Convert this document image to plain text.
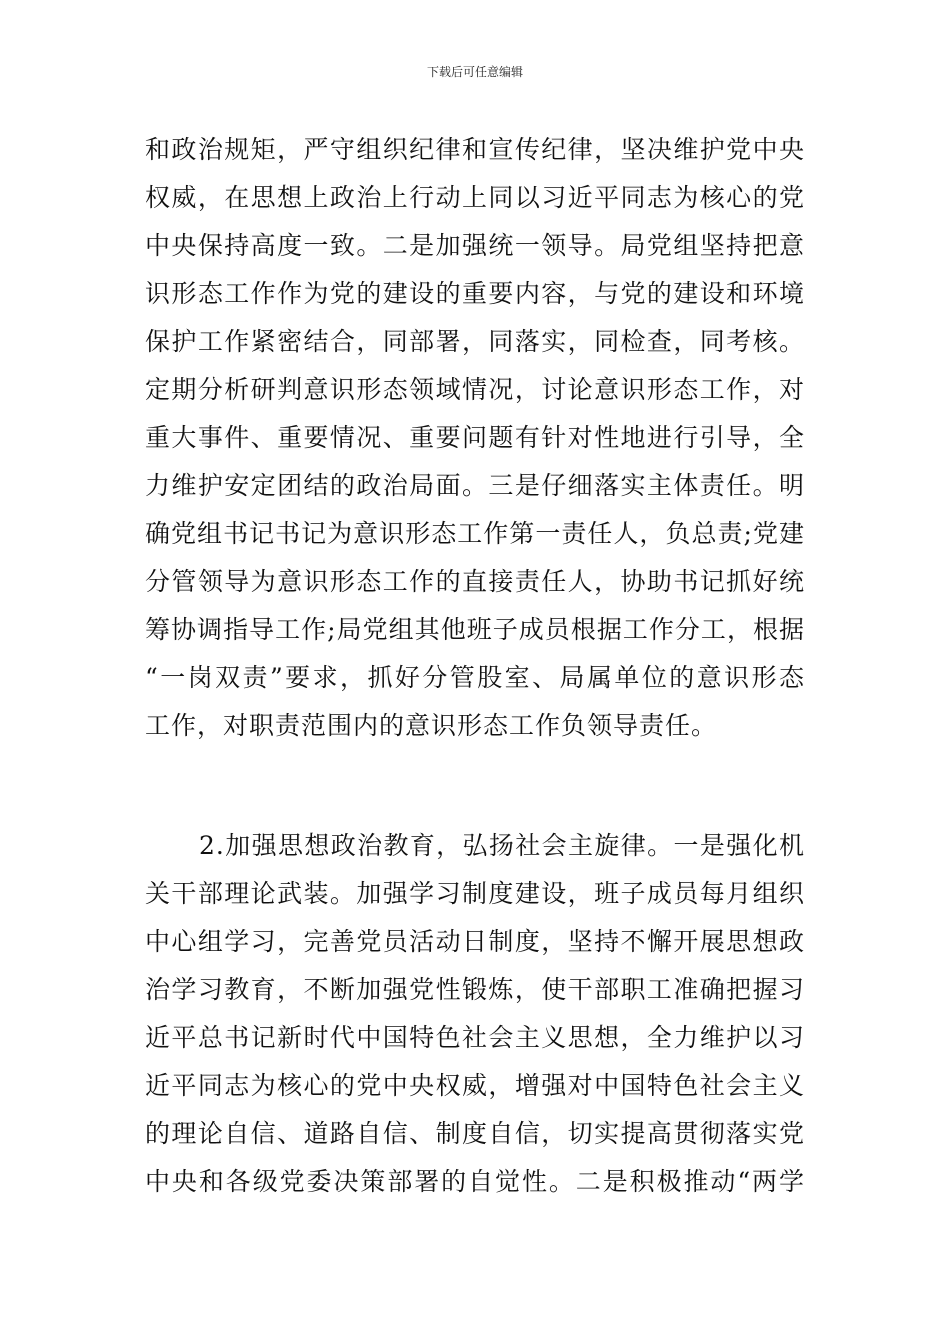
下载后可任意编辑
和政治规矩，严守组织纪律和宣传纪律，坚决维护党中央
权威，在思想上政治上行动上同以习近平同志为核心的党
中央保持高度一致。二是加强统一领导。局党组坚持把意
识形态工作作为党的建设的重要内容，与党的建设和环境
保护工作紧密结合，同部署，同落实，同检查，同考核。
定期分析研判意识形态领域情况，讨论意识形态工作，对
重大事件、重要情况、重要问题有针对性地进行引导，全
力维护安定团结的政治局面。三是仔细落实主体责任。明
确党组书记书记为意识形态工作第一责任人，负总责;党建
分管领导为意识形态工作的直接责任人，协助书记抓好统
筹协调指导工作;局党组其他班子成员根据工作分工，根据
“一岗双责”要求，抓好分管股室、局属单位的意识形态
工作，对职责范围内的意识形态工作负领导责任。
2.加强思想政治教育，弘扬社会主旋律。一是强化机
关干部理论武装。加强学习制度建设，班子成员每月组织
中心组学习，完善党员活动日制度，坚持不懈开展思想政
治学习教育，不断加强党性锻炼，使干部职工准确把握习
近平总书记新时代中国特色社会主义思想，全力维护以习
近平同志为核心的党中央权威，增强对中国特色社会主义
的理论自信、道路自信、制度自信，切实提高贯彻落实党
中央和各级党委决策部署的自觉性。二是积极推动“两学
